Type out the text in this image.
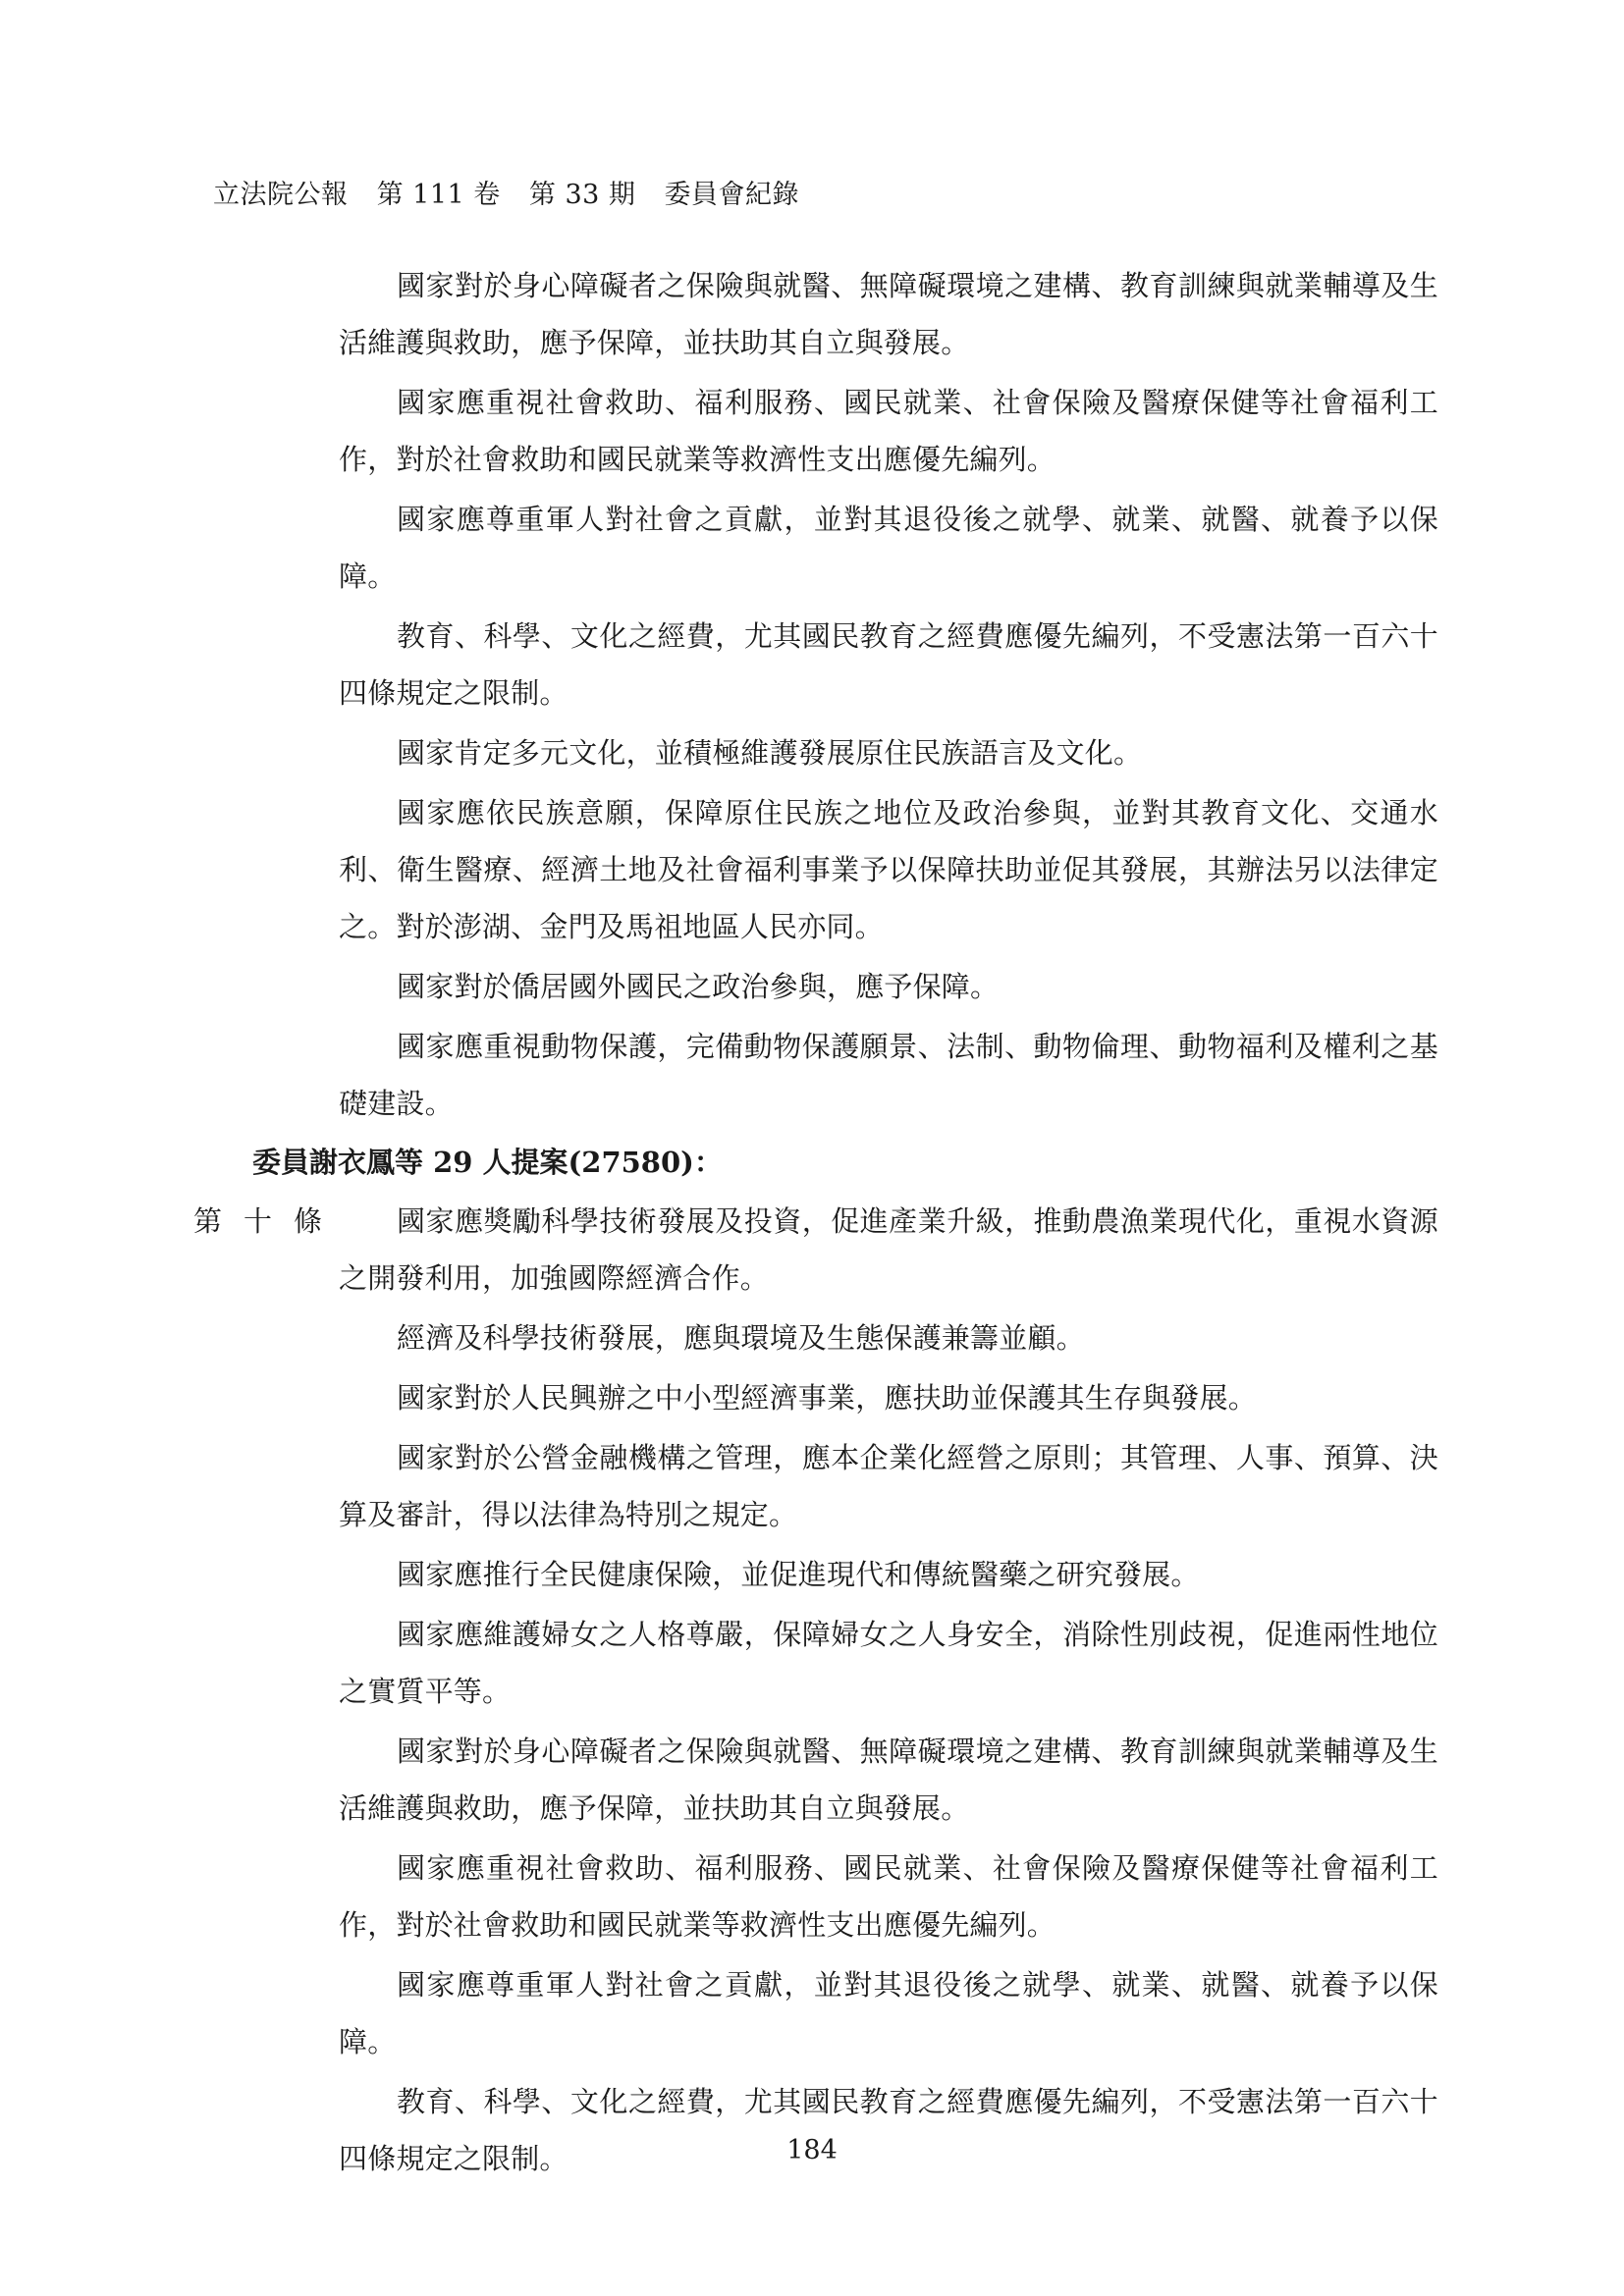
立法院公報 第 111 卷 第 33 期 委員會紀錄
國家對於身心障礙者之保險與就醫、無障礙環境之建構、教育訓練與就業輔導及生活維護與救助，應予保障，並扶助其自立與發展。
國家應重視社會救助、福利服務、國民就業、社會保險及醫療保健等社會福利工作，對於社會救助和國民就業等救濟性支出應優先編列。
國家應尊重軍人對社會之貢獻，並對其退役後之就學、就業、就醫、就養予以保障。
教育、科學、文化之經費，尤其國民教育之經費應優先編列，不受憲法第一百六十四條規定之限制。
國家肯定多元文化，並積極維護發展原住民族語言及文化。
國家應依民族意願，保障原住民族之地位及政治參與，並對其教育文化、交通水利、衛生醫療、經濟土地及社會福利事業予以保障扶助並促其發展，其辦法另以法律定之。對於澎湖、金門及馬祖地區人民亦同。
國家對於僑居國外國民之政治參與，應予保障。
國家應重視動物保護，完備動物保護願景、法制、動物倫理、動物福利及權利之基礎建設。
委員謝衣鳳等 29 人提案(27580)：
第十條	國家應獎勵科學技術發展及投資，促進產業升級，推動農漁業現代化，重視水資源之開發利用，加強國際經濟合作。
經濟及科學技術發展，應與環境及生態保護兼籌並顧。
國家對於人民興辦之中小型經濟事業，應扶助並保護其生存與發展。
國家對於公營金融機構之管理，應本企業化經營之原則；其管理、人事、預算、決算及審計，得以法律為特別之規定。
國家應推行全民健康保險，並促進現代和傳統醫藥之研究發展。
國家應維護婦女之人格尊嚴，保障婦女之人身安全，消除性別歧視，促進兩性地位之實質平等。
國家對於身心障礙者之保險與就醫、無障礙環境之建構、教育訓練與就業輔導及生活維護與救助，應予保障，並扶助其自立與發展。
國家應重視社會救助、福利服務、國民就業、社會保險及醫療保健等社會福利工作，對於社會救助和國民就業等救濟性支出應優先編列。
國家應尊重軍人對社會之貢獻，並對其退役後之就學、就業、就醫、就養予以保障。
教育、科學、文化之經費，尤其國民教育之經費應優先編列，不受憲法第一百六十四條規定之限制。	184
